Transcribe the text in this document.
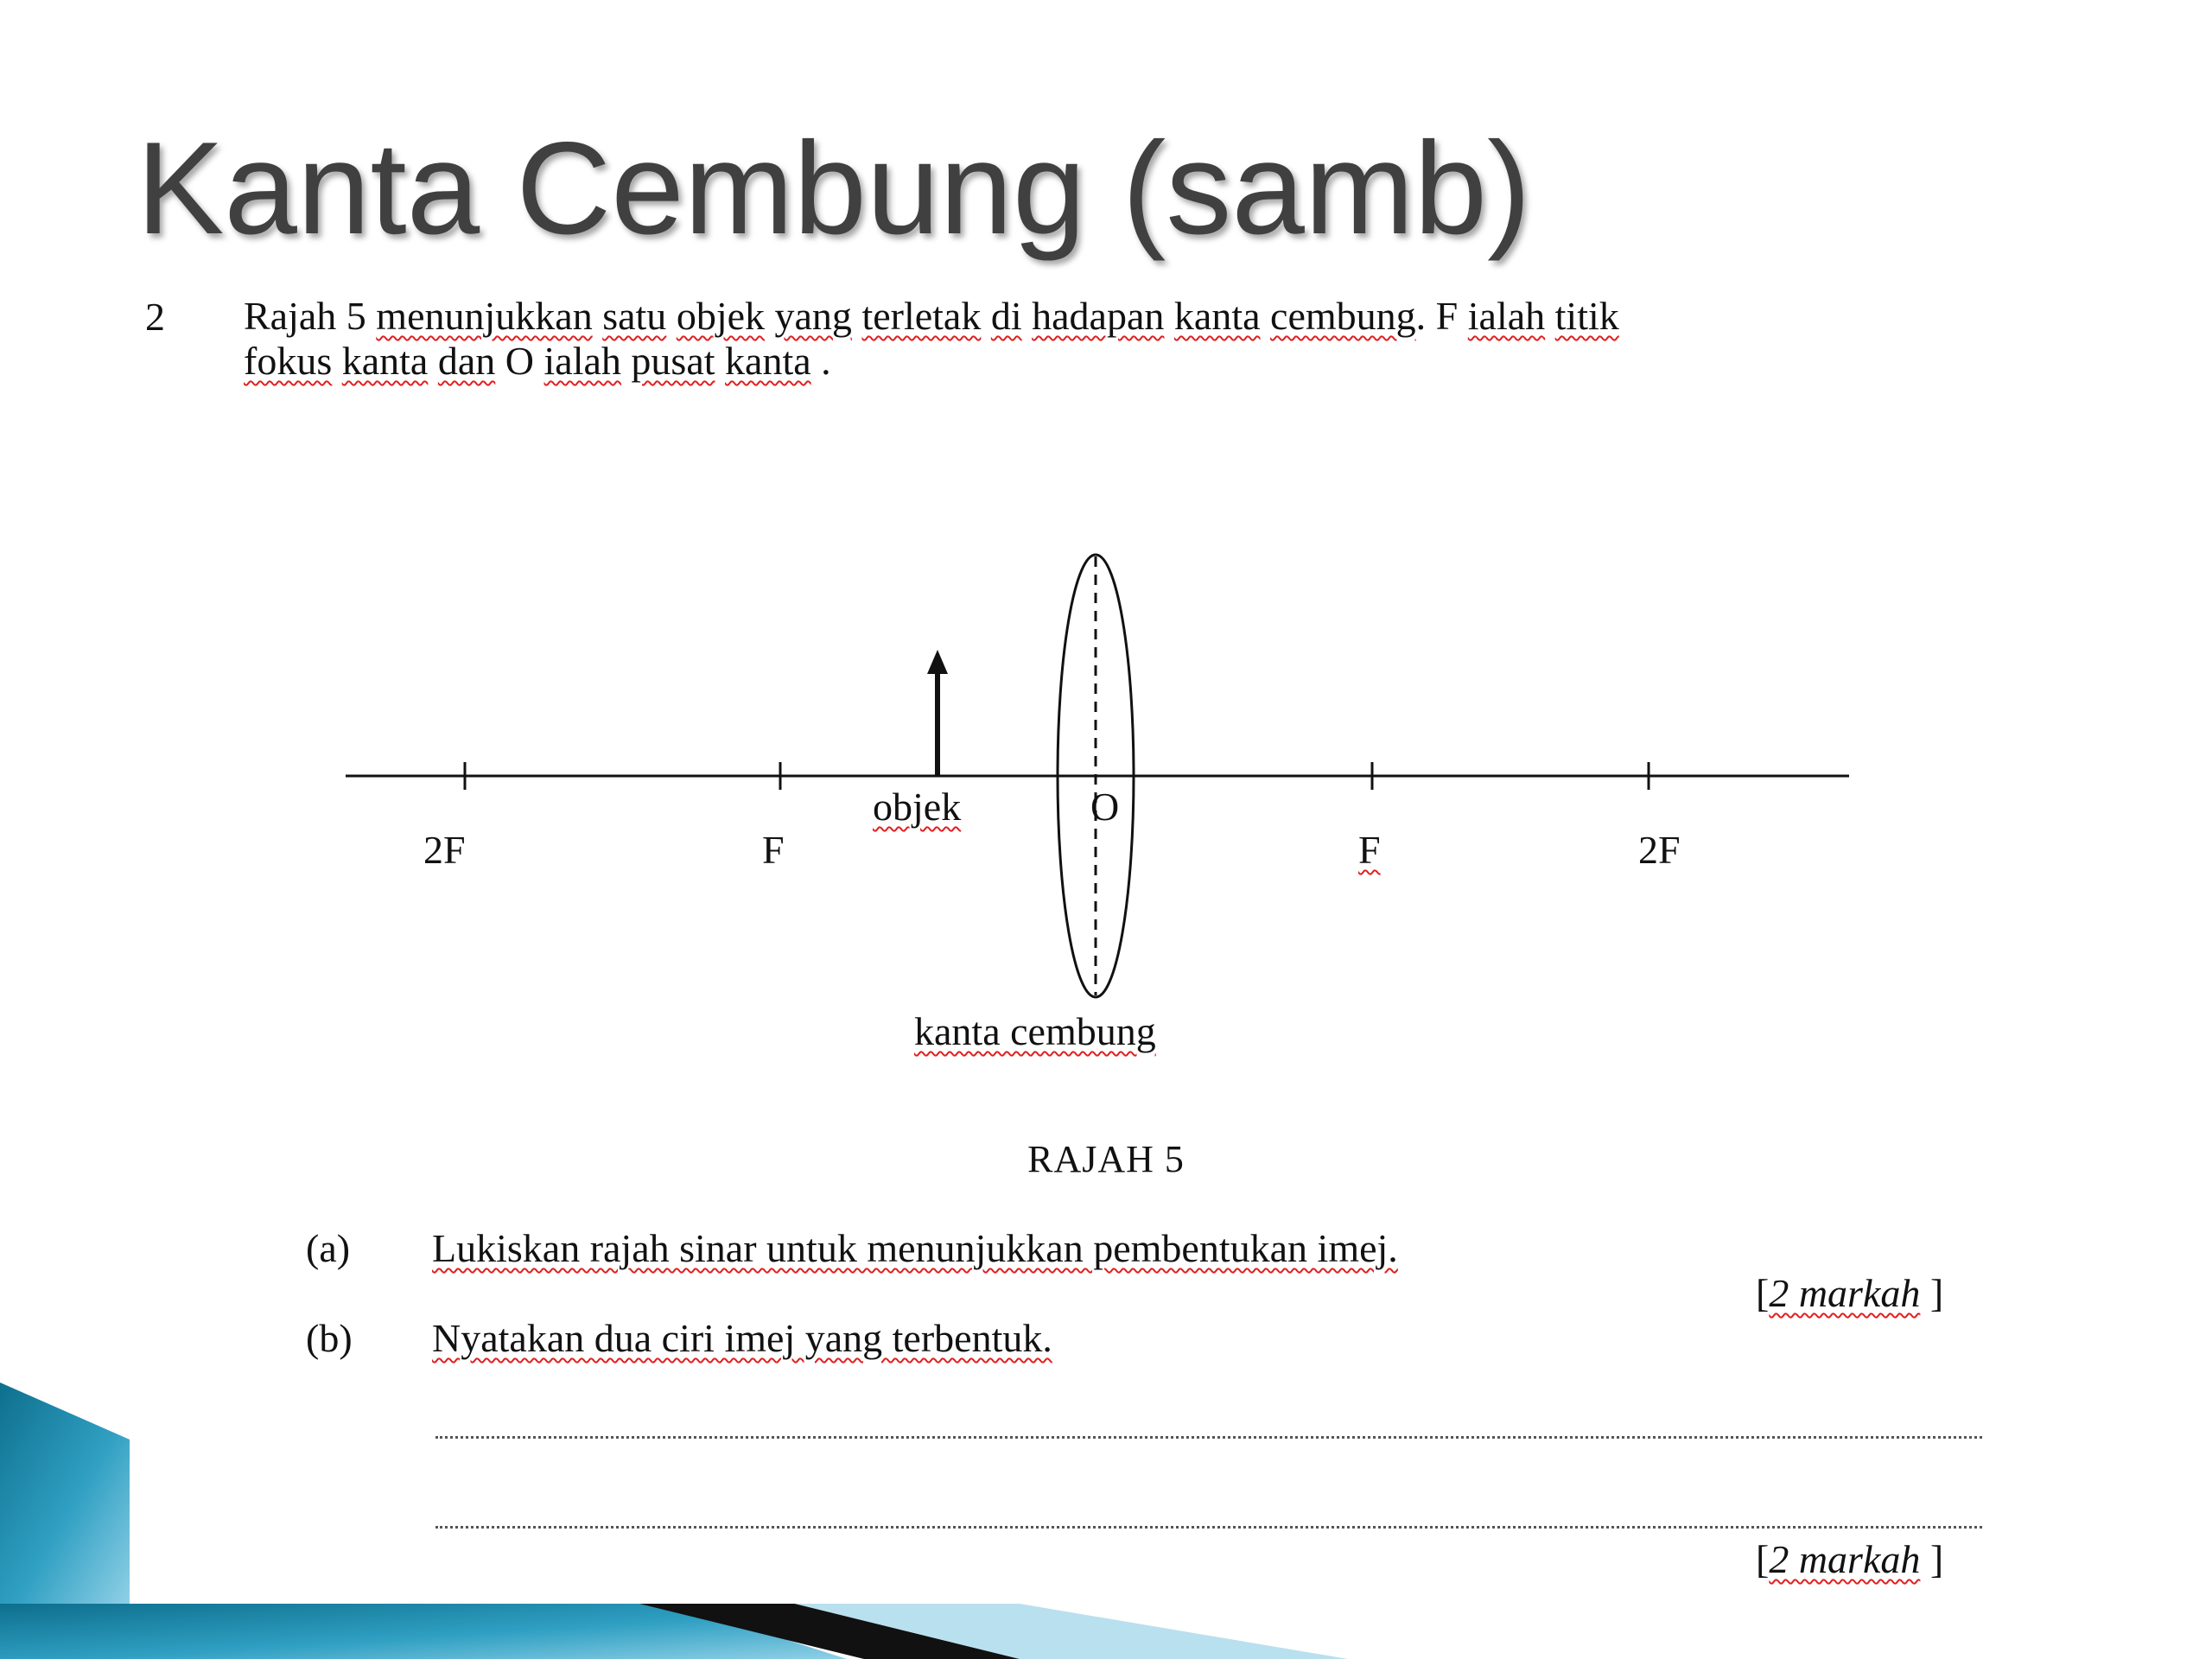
Kanta Cembung (samb)
2 Rajah 5 menunjukkan satu objek yang terletak di hadapan kanta cembung. F ialah titik
fokus kanta dan O ialah pusat kanta .
2F	F
objek	O
F	2F
kanta cembung
RAJAH 5
(a) Lukiskan rajah sinar untuk menunjukkan pembentukan imej.
[2 markah ]
(b) Nyatakan dua ciri imej yang terbentuk.
[2 markah ]
